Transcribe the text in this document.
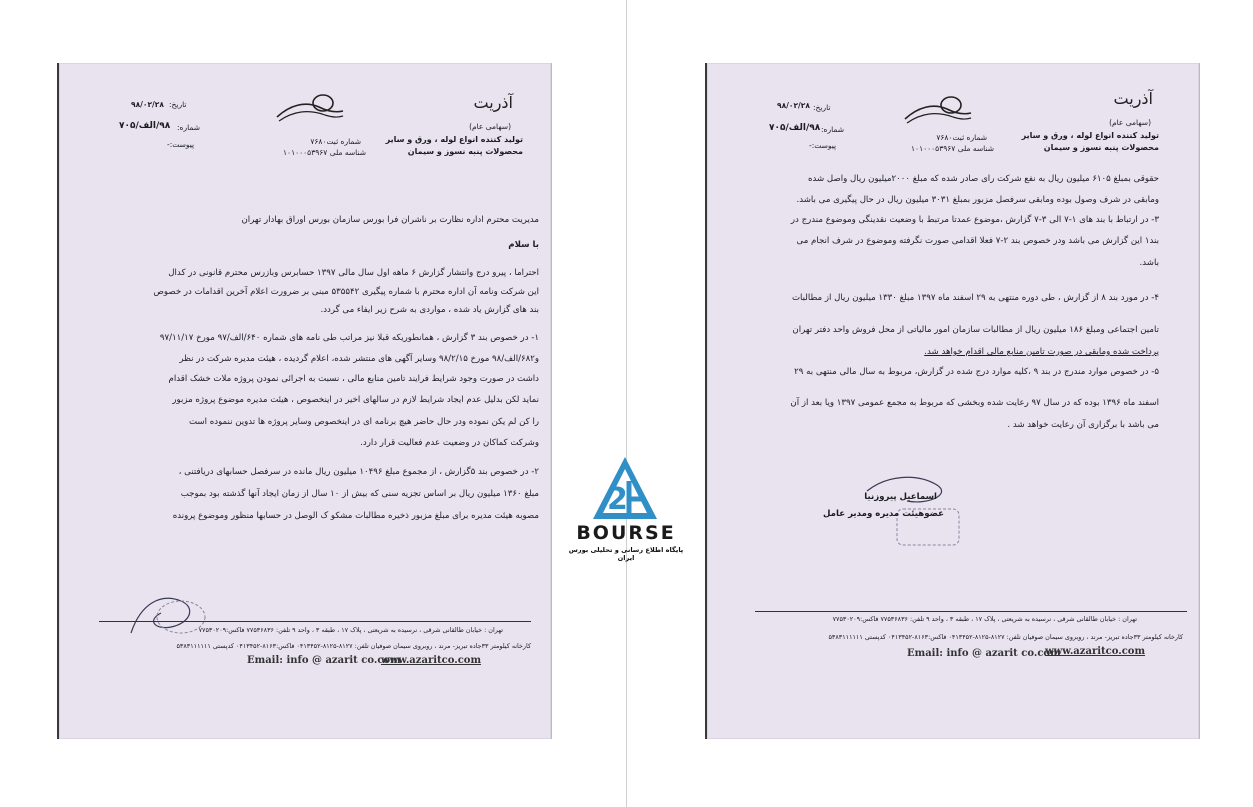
آذریت
(سهامی عام)
تولید کننده انواع لوله ، ورق و سایر
محصولات پنبه نسوز و سیمان
شماره ثبت۷۶۸۰
شناسه ملی ۱۰۱۰۰۰۵۳۹۶۷
تاریخ:
۹۸/۰۲/۲۸
شماره:
۹۸/الف/۷۰۵
پیوست:-
مدیریت محترم اداره نظارت بر ناشران فرا بورس سازمان بورس اوراق بهادار تهران
با سلام
احتراما ، پیرو درج وانتشار گزارش ۶ ماهه اول سال مالی ۱۳۹۷ حسابرس وبازرس محترم قانونی در کدال
این شرکت ونامه آن اداره محترم با شماره پیگیری ۵۳۵۵۴۲ مبنی بر ضرورت اعلام آخرین اقدامات در خصوص
بند های گزارش یاد شده ، مواردی به شرح زیر ایفاء می گردد.
۱- در خصوص بند ۳ گزارش ، همانطوریکه قبلا نیز مراتب طی نامه های شماره ۶۴۰/الف/۹۷ مورخ ۹۷/۱۱/۱۷
و۶۸۲/الف/۹۸ مورخ ۹۸/۲/۱۵ وسایر آگهی های منتشر شده، اعلام گردیده ، هیئت مدیره شرکت در نظر
داشت در صورت وجود شرایط فرایند تامین منابع مالی ، نسبت به اجرائی نمودن پروژه ملات خشک اقدام
نماید لکن بدلیل عدم ایجاد شرایط لازم در سالهای اخیر در اینخصوص ، هیئت مدیره موضوع پروژه مزبور
را کن لم یکن نموده ودر حال حاضر هیچ برنامه ای در اینخصوص وسایر پروژه ها تدوین ننموده است
وشرکت کماکان در وضعیت عدم فعالیت قرار دارد.
۲- در خصوص بند ۵گزارش ، از مجموع مبلغ ۱۰۴۹۶ میلیون ریال مانده در سرفصل حسابهای دریافتنی ،
مبلغ ۱۳۶۰ میلیون ریال بر اساس تجزیه سنی که بیش از ۱۰ سال از زمان ایجاد آنها گذشته بود بموجب
مصوبه هیئت مدیره برای مبلغ مزبور ذخیره مطالبات مشکو ک الوصل در حسابها منظور وموضوع پرونده
تهران : خیابان طالقانی شرقی ، نرسیده به شریعتی ، پلاک ۱۷ ، طبقه ۳ ، واحد ۹ تلفن: ۷۷۵۳۶۸۳۶ فاکس:۷۷۵۳۰۲۰۹
کارخانه کیلومتر ۳۳جاده تبریز- مرند ، روبروی سیمان صوفیان تلفن: ۸۱۲۷-۸۱۲۵-۰۴۱۳۴۵۲ فاکس:۸۱۶۳-۰۴۱۳۴۵۲ کدپستی ۵۳۸۳۱۱۱۱۱۱
Email: info @ azarit co.com
www.azaritco.com
آذریت
(سهامی عام)
تولید کننده انواع لوله ، ورق و سایر
محصولات پنبه نسوز و سیمان
شماره ثبت۷۶۸۰
شناسه ملی ۱۰۱۰۰۰۵۳۹۶۷
تاریخ:
۹۸/۰۲/۲۸
شماره:
۹۸/الف/۷۰۵
پیوست:-
حقوقی بمبلغ ۶۱۰۵ میلیون ریال به نفع شرکت رای صادر شده که مبلغ ۲۰۰۰میلیون ریال واصل شده
ومابقی در شرف وصول بوده ومابقی سرفصل مزبور بمبلغ ۳۰۳۱ میلیون ریال در حال پیگیری می باشد.
۳- در ارتباط با بند های ۱-۷ الی ۳-۷ گزارش ،موضوع عمدتا مرتبط با وضعیت نقدینگی وموضوع مندرج در
بند۱ این گزارش می باشد ودر خصوص بند ۲-۷ فعلا اقدامی صورت نگرفته وموضوع در شرف انجام می
باشد.
۴- در مورد بند ۸ از گزارش ، طی دوره منتهی به ۲۹ اسفند ماه ۱۳۹۷ مبلغ ۱۳۳۰ میلیون ریال از مطالبات
تامین اجتماعی ومبلغ ۱۸۶ میلیون ریال از مطالبات سازمان امور مالیاتی از محل فروش واحد دفتر تهران
پرداخت شده ومابقی در صورت تامین منابع مالی اقدام خواهد شد.
۵- در خصوص موارد مندرج در بند ۹ ،کلیه موارد درج شده در گزارش، مربوط به سال مالی منتهی به ۲۹
اسفند ماه ۱۳۹۶ بوده که در سال ۹۷ رعایت شده وبخشی که مربوط به مجمع عمومی ۱۳۹۷ ویا بعد از آن
می باشد با برگزاری آن رعایت خواهد شد .
اسماعیل پیروزنیا
عضوهیئت مدیره ومدیر عامل
تهران : خیابان طالقانی شرقی ، نرسیده به شریعتی ، پلاک ۱۷ ، طبقه ۳ ، واحد ۹ تلفن: ۷۷۵۳۶۸۳۶ فاکس:۷۷۵۳۰۲۰۹
کارخانه کیلومتر ۳۳جاده تبریز- مرند ، روبروی سیمان صوفیان تلفن: ۸۱۲۷-۸۱۲۵-۰۴۱۳۴۵۲ فاکس:۸۱۶۳-۰۴۱۳۴۵۲ کدپستی ۵۳۸۳۱۱۱۱۱۱
Email: info @ azarit co.com
www.azaritco.com
2
BOURSE
پایگاه اطلاع رسانی و تحلیلی بورس ایران
